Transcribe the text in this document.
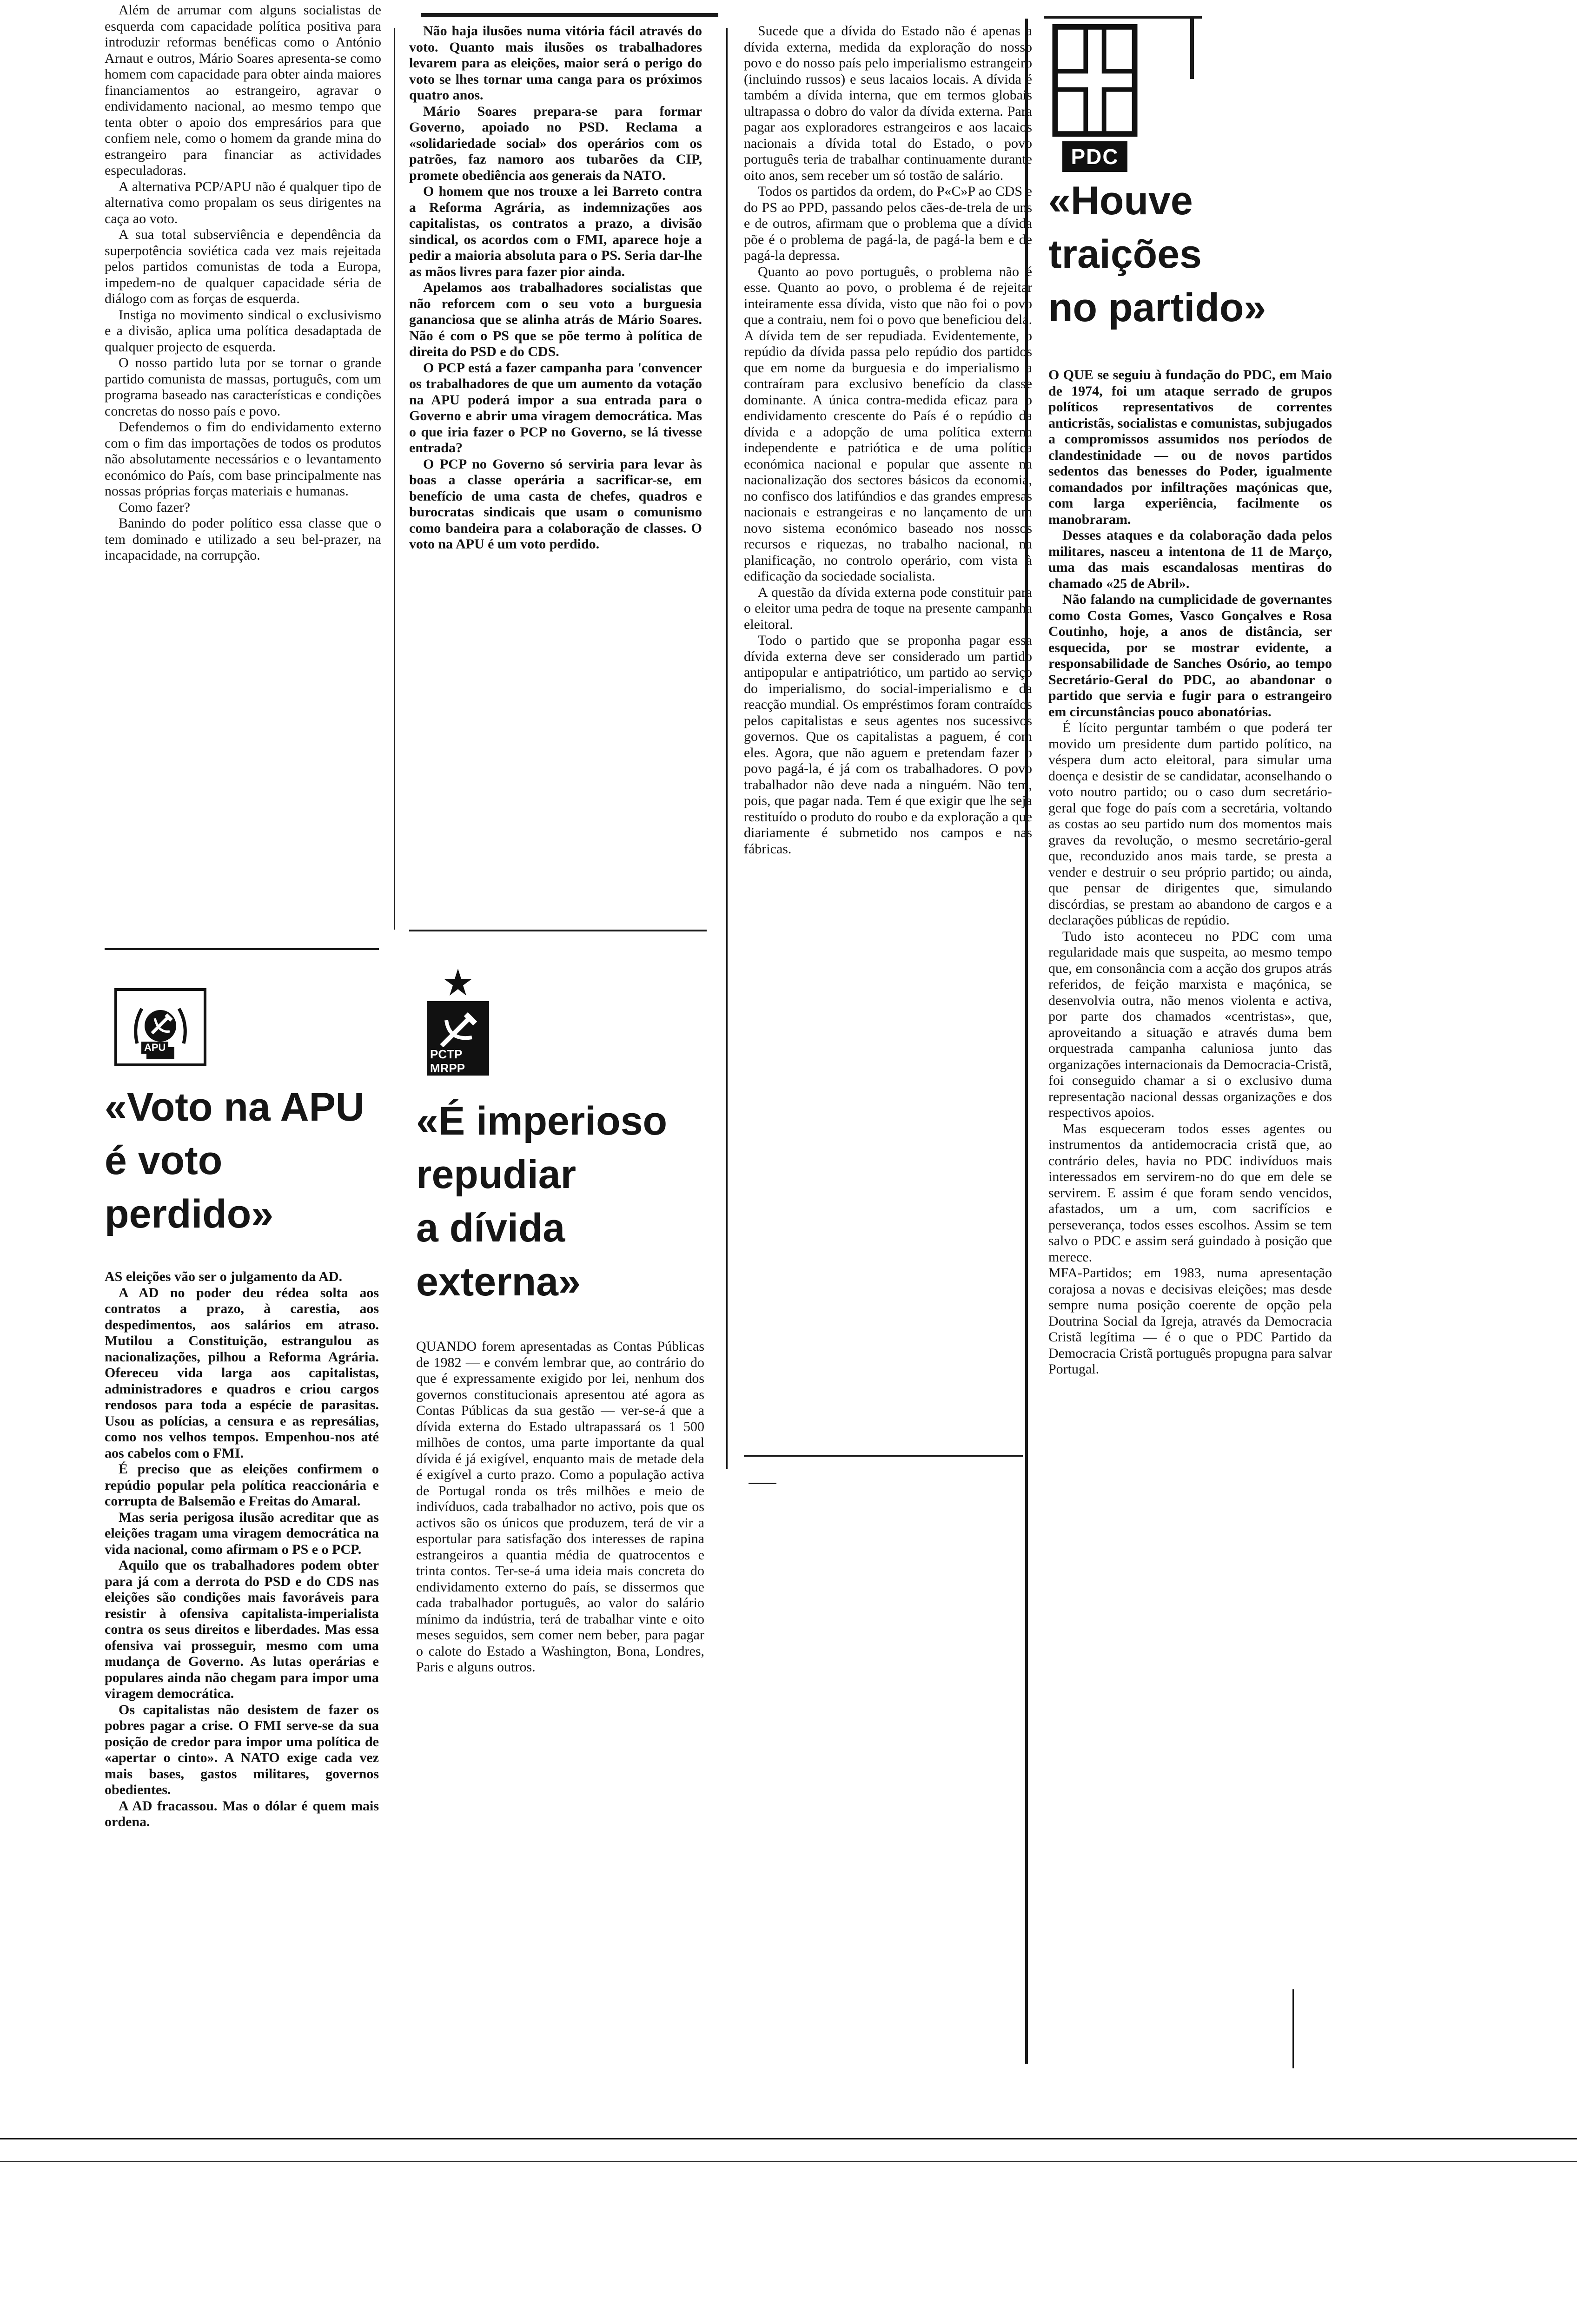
Além de arrumar com alguns socialistas de esquerda com capacidade política positiva para introduzir reformas benéficas como o António Arnaut e outros, Mário Soares apresenta-se como homem com capacidade para obter ainda maiores financiamentos ao estrangeiro, agravar o endividamento nacional, ao mesmo tempo que tenta obter o apoio dos empresários para que confiem nele, como o homem da grande mina do estrangeiro para financiar as actividades especuladoras.

A alternativa PCP/APU não é qualquer tipo de alternativa como propalam os seus dirigentes na caça ao voto.

A sua total subserviência e dependência da superpotência soviética cada vez mais rejeitada pelos partidos comunistas de toda a Europa, impedem-no de qualquer capacidade séria de diálogo com as forças de esquerda.

Instiga no movimento sindical o exclusivismo e a divisão, aplica uma política desadaptada de qualquer projecto de esquerda.

O nosso partido luta por se tornar o grande partido comunista de massas, português, com um programa baseado nas características e condições concretas do nosso país e povo.

Defendemos o fim do endividamento externo com o fim das importações de todos os produtos não absolutamente necessários e o levantamento económico do País, com base principalmente nas nossas próprias forças materiais e humanas.

Como fazer?

Banindo do poder político essa classe que o tem dominado e utilizado a seu bel-prazer, na incapacidade, na corrupção.

Não haja ilusões numa vitória fácil através do voto. Quanto mais ilusões os trabalhadores levarem para as eleições, maior será o perigo do voto se lhes tornar uma canga para os próximos quatro anos.

Mário Soares prepara-se para formar Governo, apoiado no PSD. Reclama a «solidariedade social» dos operários com os patrões, faz namoro aos tubarões da CIP, promete obediência aos generais da NATO.

O homem que nos trouxe a lei Barreto contra a Reforma Agrária, as indemnizações aos capitalistas, os contratos a prazo, a divisão sindical, os acordos com o FMI, aparece hoje a pedir a maioria absoluta para o PS. Seria dar-lhe as mãos livres para fazer pior ainda.

Apelamos aos trabalhadores socialistas que não reforcem com o seu voto a burguesia gananciosa que se alinha atrás de Mário Soares. Não é com o PS que se põe termo à política de direita do PSD e do CDS.

O PCP está a fazer campanha para 'convencer os trabalhadores de que um aumento da votação na APU poderá impor a sua entrada para o Governo e abrir uma viragem democrática. Mas o que iria fazer o PCP no Governo, se lá tivesse entrada?

O PCP no Governo só serviria para levar às boas a classe operária a sacrificar-se, em benefício de uma casta de chefes, quadros e burocratas sindicais que usam o comunismo como bandeira para a colaboração de classes. O voto na APU é um voto perdido.

Sucede que a dívida do Estado não é apenas a dívida externa, medida da exploração do nosso povo e do nosso país pelo imperialismo estrangeiro (incluindo russos) e seus lacaios locais. A dívida é também a dívida interna, que em termos globais ultrapassa o dobro do valor da dívida externa. Para pagar aos exploradores estrangeiros e aos lacaios nacionais a dívida total do Estado, o povo português teria de trabalhar continuamente durante oito anos, sem receber um só tostão de salário.

Todos os partidos da ordem, do P«C»P ao CDS e do PS ao PPD, passando pelos cães-de-trela de uns e de outros, afirmam que o problema que a dívida põe é o problema de pagá-la, de pagá-la bem e de pagá-la depressa.

Quanto ao povo português, o problema não é esse. Quanto ao povo, o problema é de rejeitar inteiramente essa dívida, visto que não foi o povo que a contraiu, nem foi o povo que beneficiou dela. A dívida tem de ser repudiada. Evidentemente, o repúdio da dívida passa pelo repúdio dos partidos que em nome da burguesia e do imperialismo a contraíram para exclusivo benefício da classe dominante. A única contra-medida eficaz para o endividamento crescente do País é o repúdio da dívida e a adopção de uma política externa independente e patriótica e de uma política económica nacional e popular que assente na nacionalização dos sectores básicos da economia, no confisco dos latifúndios e das grandes empresas nacionais e estrangeiras e no lançamento de um novo sistema económico baseado nos nossos recursos e riquezas, no trabalho nacional, na planificação, no controlo operário, com vista à edificação da sociedade socialista.

A questão da dívida externa pode constituir para o eleitor uma pedra de toque na presente campanha eleitoral.

Todo o partido que se proponha pagar essa dívida externa deve ser considerado um partido antipopular e antipatriótico, um partido ao serviço do imperialismo, do social-imperialismo e da reacção mundial. Os empréstimos foram contraídos pelos capitalistas e seus agentes nos sucessivos governos. Que os capitalistas a paguem, é com eles. Agora, que não aguem e pretendam fazer o povo pagá-la, é já com os trabalhadores. O povo trabalhador não deve nada a ninguém. Não tem, pois, que pagar nada. Tem é que exigir que lhe seja restituído o produto do roubo e da exploração a que diariamente é submetido nos campos e nas fábricas.

APU
«Voto na APU
é voto
perdido»

AS eleições vão ser o julgamento da AD.

A AD no poder deu rédea solta aos contratos a prazo, à carestia, aos despedimentos, aos salários em atraso. Mutilou a Constituição, estrangulou as nacionalizações, pilhou a Reforma Agrária. Ofereceu vida larga aos capitalistas, administradores e quadros e criou cargos rendosos para toda a espécie de parasitas. Usou as polícias, a censura e as represálias, como nos velhos tempos. Empenhou-nos até aos cabelos com o FMI.

É preciso que as eleições confirmem o repúdio popular pela política reaccionária e corrupta de Balsemão e Freitas do Amaral.

Mas seria perigosa ilusão acreditar que as eleições tragam uma viragem democrática na vida nacional, como afirmam o PS e o PCP.

Aquilo que os trabalhadores podem obter para já com a derrota do PSD e do CDS nas eleições são condições mais favoráveis para resistir à ofensiva capitalista-imperialista contra os seus direitos e liberdades. Mas essa ofensiva vai prosseguir, mesmo com uma mudança de Governo. As lutas operárias e populares ainda não chegam para impor uma viragem democrática.

Os capitalistas não desistem de fazer os pobres pagar a crise. O FMI serve-se da sua posição de credor para impor uma política de «apertar o cinto». A NATO exige cada vez mais bases, gastos militares, governos obedientes.

A AD fracassou. Mas o dólar é quem mais ordena.

PCTP
MRPP
«É imperioso
repudiar
a dívida
externa»

QUANDO forem apresentadas as Contas Públicas de 1982 — e convém lembrar que, ao contrário do que é expressamente exigido por lei, nenhum dos governos constitucionais apresentou até agora as Contas Públicas da sua gestão — ver-se-á que a dívida externa do Estado ultrapassará os 1 500 milhões de contos, uma parte importante da qual dívida é já exigível, enquanto mais de metade dela é exigível a curto prazo. Como a população activa de Portugal ronda os três milhões e meio de indivíduos, cada trabalhador no activo, pois que os activos são os únicos que produzem, terá de vir a esportular para satisfação dos interesses de rapina estrangeiros a quantia média de quatrocentos e trinta contos. Ter-se-á uma ideia mais concreta do endividamento externo do país, se dissermos que cada trabalhador português, ao valor do salário mínimo da indústria, terá de trabalhar vinte e oito meses seguidos, sem comer nem beber, para pagar o calote do Estado a Washington, Bona, Londres, Paris e alguns outros.

PDC
«Houve
traições
no partido»

O QUE se seguiu à fundação do PDC, em Maio de 1974, foi um ataque serrado de grupos políticos representativos de correntes anticristãs, socialistas e comunistas, subjugados a compromissos assumidos nos períodos de clandestinidade — ou de novos partidos sedentos das benesses do Poder, igualmente comandados por infiltrações maçónicas que, com larga experiência, facilmente os manobraram.

Desses ataques e da colaboração dada pelos militares, nasceu a intentona de 11 de Março, uma das mais escandalosas mentiras do chamado «25 de Abril».

Não falando na cumplicidade de governantes como Costa Gomes, Vasco Gonçalves e Rosa Coutinho, hoje, a anos de distância, ser esquecida, por se mostrar evidente, a responsabilidade de Sanches Osório, ao tempo Secretário-Geral do PDC, ao abandonar o partido que servia e fugir para o estrangeiro em circunstâncias pouco abonatórias.

É lícito perguntar também o que poderá ter movido um presidente dum partido político, na véspera dum acto eleitoral, para simular uma doença e desistir de se candidatar, aconselhando o voto noutro partido; ou o caso dum secretário-geral que foge do país com a secretária, voltando as costas ao seu partido num dos momentos mais graves da revolução, o mesmo secretário-geral que, reconduzido anos mais tarde, se presta a vender e destruir o seu próprio partido; ou ainda, que pensar de dirigentes que, simulando discórdias, se prestam ao abandono de cargos e a declarações públicas de repúdio.

Tudo isto aconteceu no PDC com uma regularidade mais que suspeita, ao mesmo tempo que, em consonância com a acção dos grupos atrás referidos, de feição marxista e maçónica, se desenvolvia outra, não menos violenta e activa, por parte dos chamados «centristas», que, aproveitando a situação e através duma bem orquestrada campanha caluniosa junto das organizações internacionais da Democracia-Cristã, foi conseguido chamar a si o exclusivo duma representação nacional dessas organizações e dos respectivos apoios.

Mas esqueceram todos esses agentes ou instrumentos da antidemocracia cristã que, ao contrário deles, havia no PDC indivíduos mais interessados em servirem-no do que em dele se servirem. E assim é que foram sendo vencidos, afastados, um a um, com sacrifícios e perseverança, todos esses escolhos. Assim se tem salvo o PDC e assim será guindado à posição que merece.

MFA-Partidos; em 1983, numa apresentação corajosa a novas e decisivas eleições; mas desde sempre numa posição coerente de opção pela Doutrina Social da Igreja, através da Democracia Cristã legítima — é o que o PDC Partido da Democracia Cristã português propugna para salvar Portugal.
